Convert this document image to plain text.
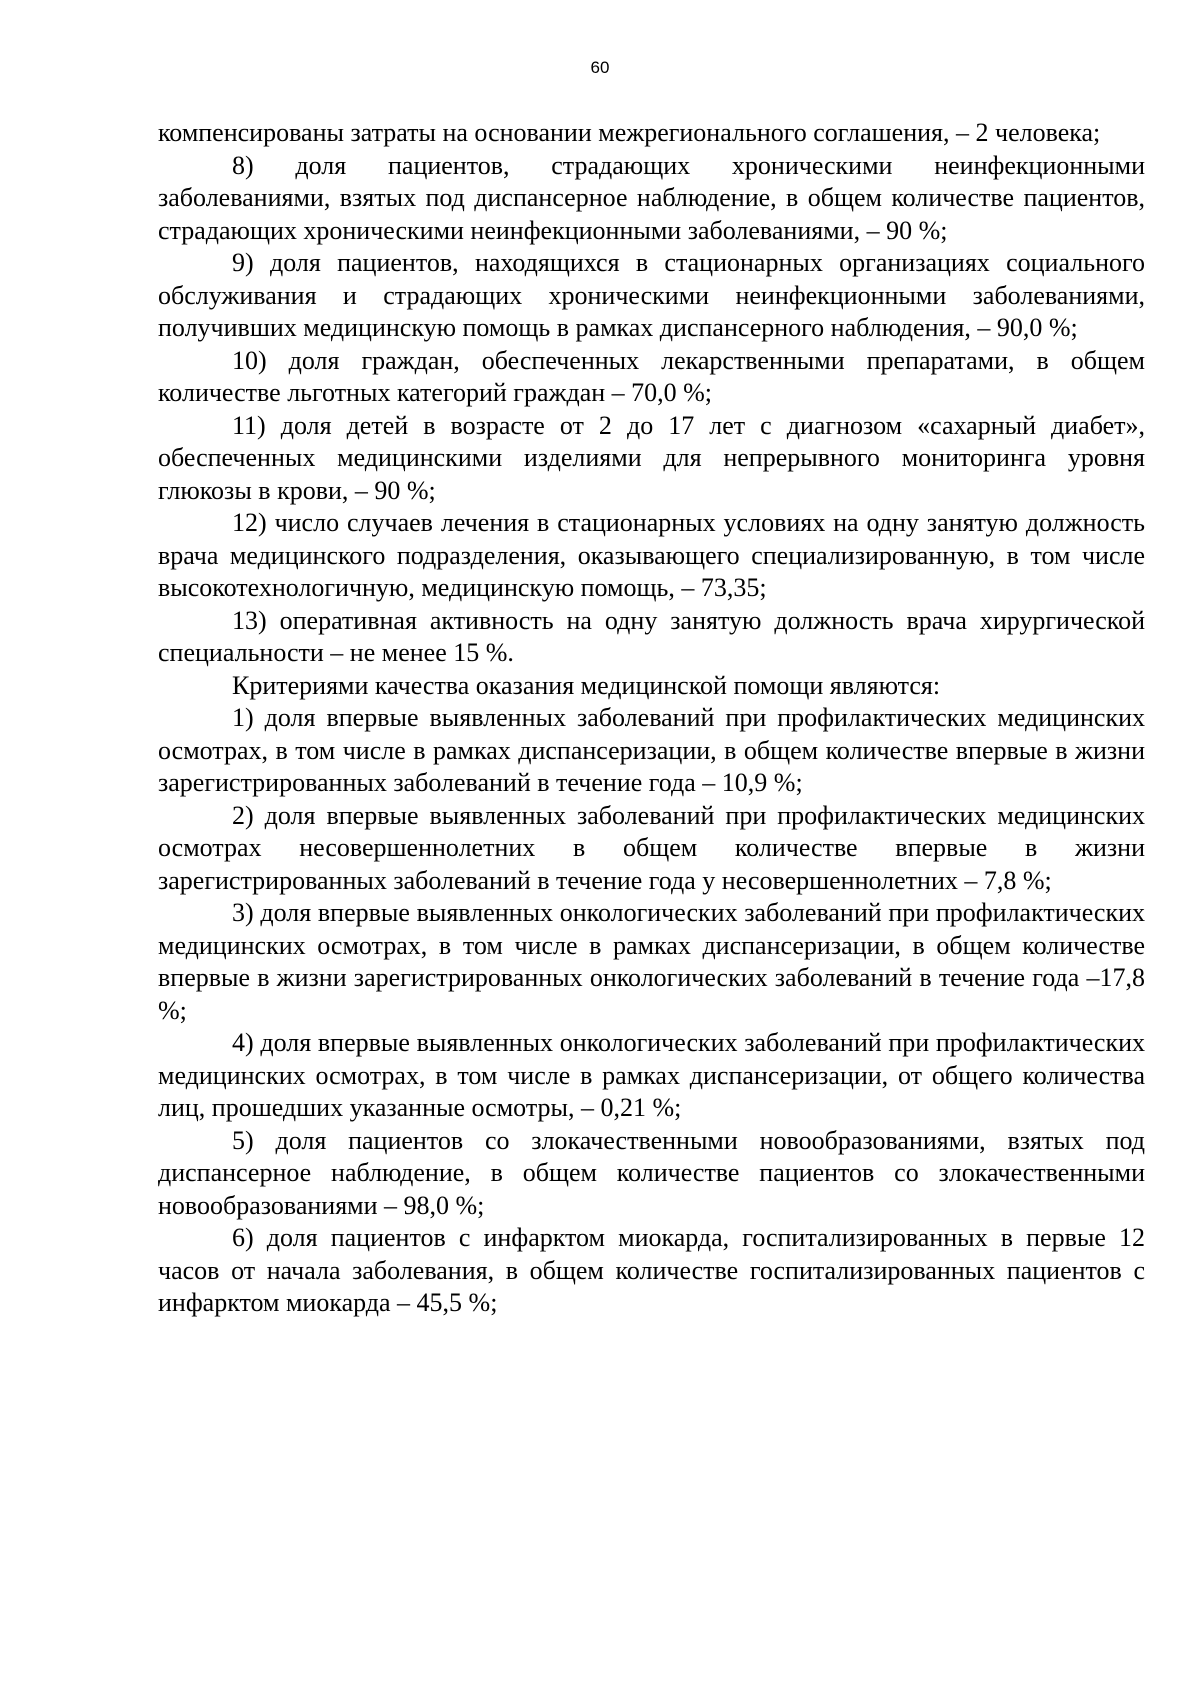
60

компенсированы затраты на основании межрегионального соглашения, – 2 человека;

8) доля пациентов, страдающих хроническими неинфекционными заболеваниями, взятых под диспансерное наблюдение, в общем количестве пациентов, страдающих хроническими неинфекционными заболеваниями, – 90 %;

9) доля пациентов, находящихся в стационарных организациях социального обслуживания и страдающих хроническими неинфекционными заболеваниями, получивших медицинскую помощь в рамках диспансерного наблюдения, – 90,0 %;

10) доля граждан, обеспеченных лекарственными препаратами, в общем количестве льготных категорий граждан – 70,0 %;

11) доля детей в возрасте от 2 до 17 лет с диагнозом «сахарный диабет», обеспеченных медицинскими изделиями для непрерывного мониторинга уровня глюкозы в крови, – 90 %;

12) число случаев лечения в стационарных условиях на одну занятую должность врача медицинского подразделения, оказывающего специализированную, в том числе высокотехнологичную, медицинскую помощь, – 73,35;

13) оперативная активность на одну занятую должность врача хирургической специальности – не менее 15 %.

Критериями качества оказания медицинской помощи являются:

1) доля впервые выявленных заболеваний при профилактических медицинских осмотрах, в том числе в рамках диспансеризации, в общем количестве впервые в жизни зарегистрированных заболеваний в течение года – 10,9 %;

2) доля впервые выявленных заболеваний при профилактических медицинских осмотрах несовершеннолетних в общем количестве впервые в жизни зарегистрированных заболеваний в течение года у несовершеннолетних – 7,8 %;

3) доля впервые выявленных онкологических заболеваний при профилактических медицинских осмотрах, в том числе в рамках диспансеризации, в общем количестве впервые в жизни зарегистрированных онкологических заболеваний в течение года –17,8 %;

4) доля впервые выявленных онкологических заболеваний при профилактических медицинских осмотрах, в том числе в рамках диспансеризации, от общего количества лиц, прошедших указанные осмотры, – 0,21 %;

5) доля пациентов со злокачественными новообразованиями, взятых под диспансерное наблюдение, в общем количестве пациентов со злокачественными новообразованиями – 98,0 %;

6) доля пациентов с инфарктом миокарда, госпитализированных в первые 12 часов от начала заболевания, в общем количестве госпитализированных пациентов с инфарктом миокарда – 45,5 %;
